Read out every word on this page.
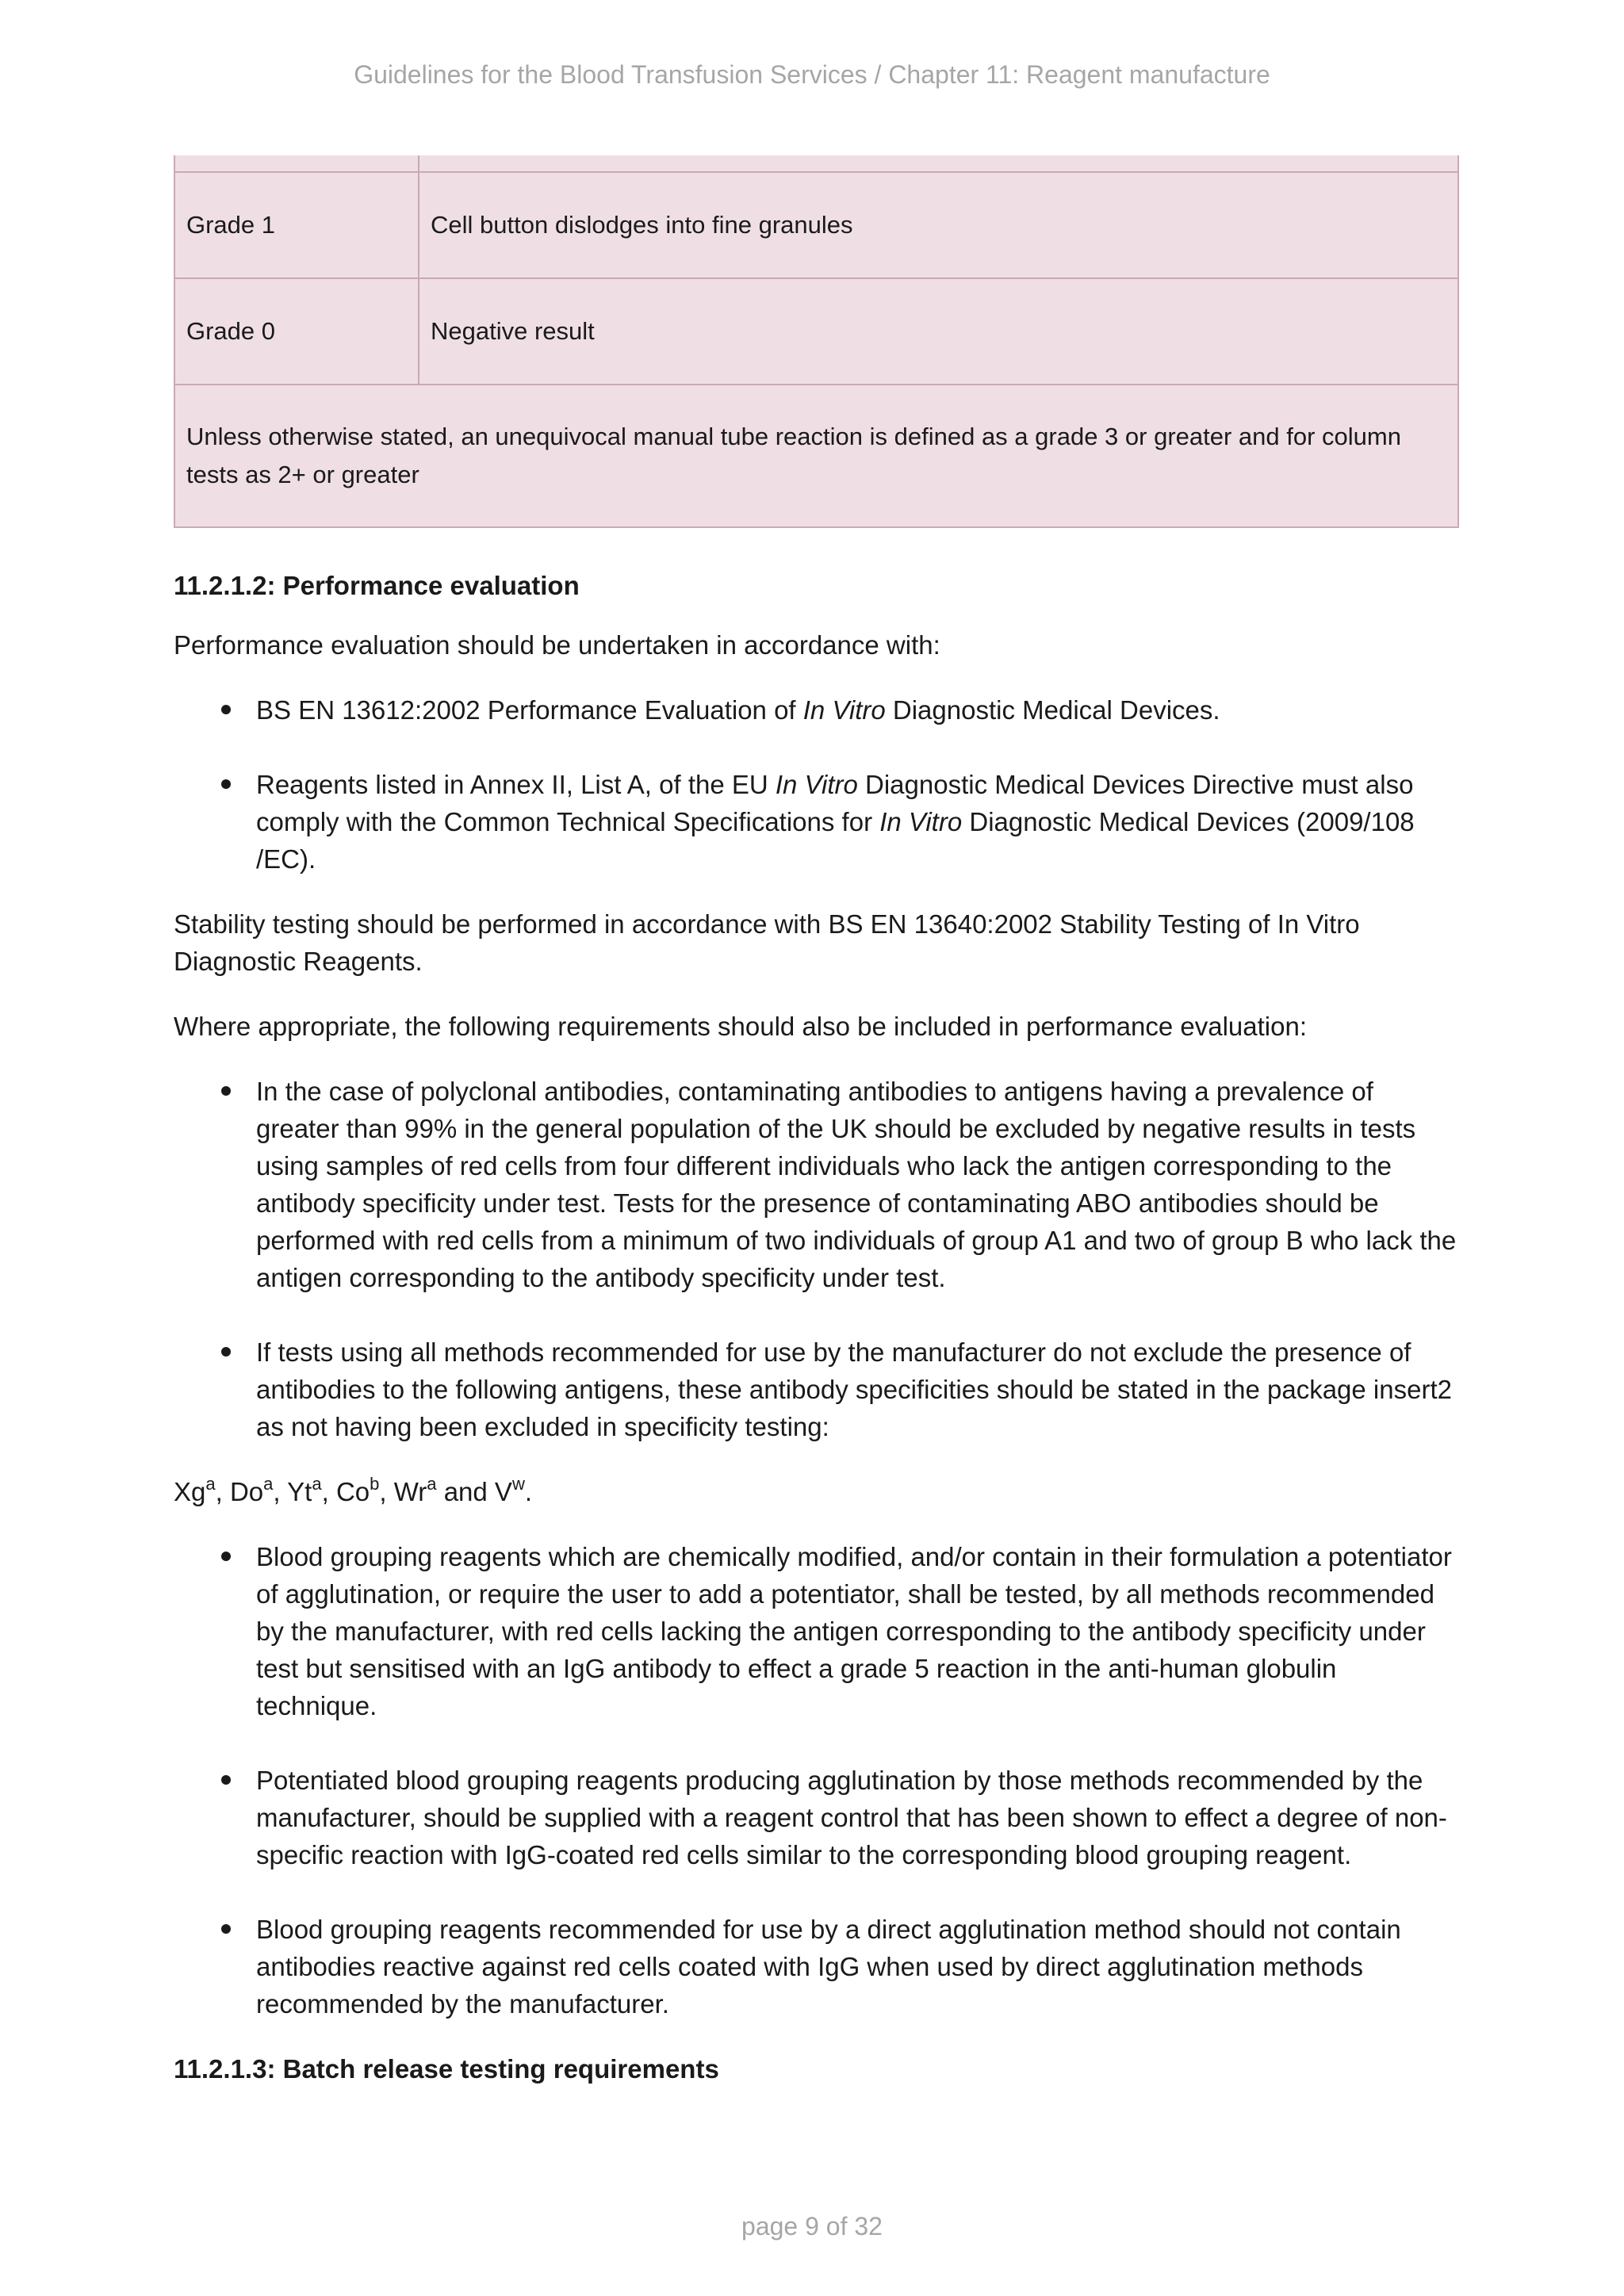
Guidelines for the Blood Transfusion Services / Chapter 11: Reagent manufacture

Grade 1	Cell button dislodges into fine granules
Grade 0	Negative result
Unless otherwise stated, an unequivocal manual tube reaction is defined as a grade 3 or greater and for column tests as 2+ or greater	
11.2.1.2: Performance evaluation

Performance evaluation should be undertaken in accordance with:

BS EN 13612:2002 Performance Evaluation of In Vitro Diagnostic Medical Devices.
Reagents listed in Annex II, List A, of the EU In Vitro Diagnostic Medical Devices Directive must also comply with the Common Technical Specifications for In Vitro Diagnostic Medical Devices (2009/108 /EC).

Stability testing should be performed in accordance with BS EN 13640:2002 Stability Testing of In Vitro Diagnostic Reagents.

Where appropriate, the following requirements should also be included in performance evaluation:

In the case of polyclonal antibodies, contaminating antibodies to antigens having a prevalence of greater than 99% in the general population of the UK should be excluded by negative results in tests using samples of red cells from four different individuals who lack the antigen corresponding to the antibody specificity under test. Tests for the presence of contaminating ABO antibodies should be performed with red cells from a minimum of two individuals of group A1 and two of group B who lack the antigen corresponding to the antibody specificity under test.
If tests using all methods recommended for use by the manufacturer do not exclude the presence of antibodies to the following antigens, these antibody specificities should be stated in the package insert2 as not having been excluded in specificity testing:
Xg$^a$, Do$^a$, Yt$^a$, Co$^b$, Wr$^a$ and $V^w$.
Blood grouping reagents which are chemically modified, and/or contain in their formulation a potentiator of agglutination, or require the user to add a potentiator, shall be tested, by all methods recommended by the manufacturer, with red cells lacking the antigen corresponding to the antibody specificity under test but sensitised with an IgG antibody to effect a grade 5 reaction in the anti-human globulin technique.
Potentiated blood grouping reagents producing agglutination by those methods recommended by the manufacturer, should be supplied with a reagent control that has been shown to effect a degree of non-specific reaction with IgG-coated red cells similar to the corresponding blood grouping reagent.
Blood grouping reagents recommended for use by a direct agglutination method should not contain antibodies reactive against red cells coated with IgG when used by direct agglutination methods recommended by the manufacturer.
11.2.1.3: Batch release testing requirements
page 9 of 32
